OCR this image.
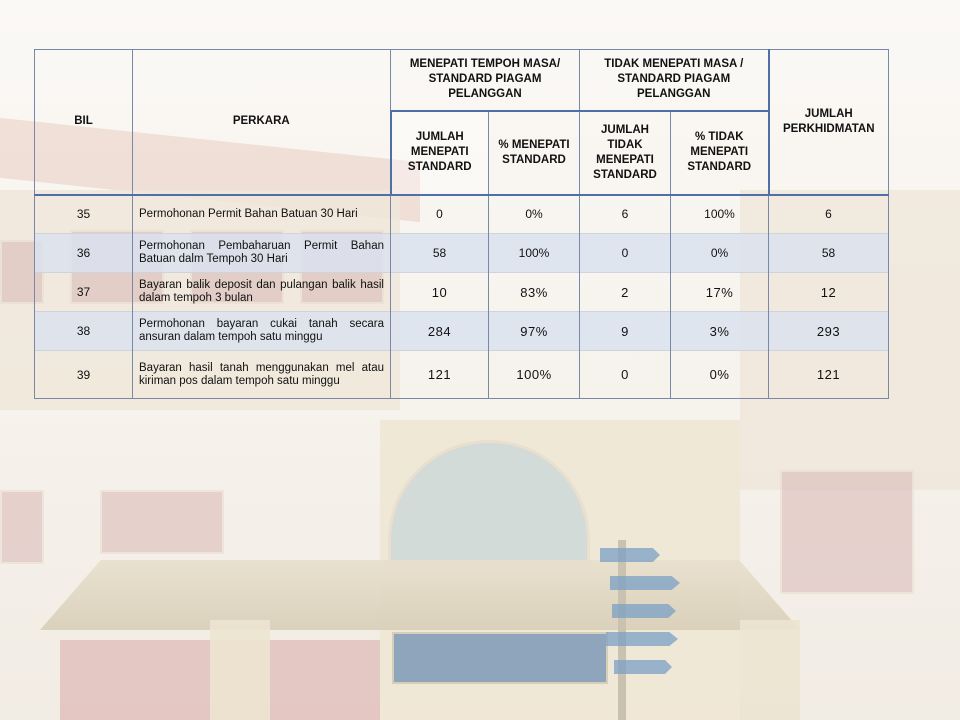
BIL	PERKARA	MENEPATI TEMPOH MASA/ STANDARD PIAGAM PELANGGAN		TIDAK MENEPATI MASA / STANDARD PIAGAM PELANGGAN		JUMLAH PERKHIDMATAN
		JUMLAH MENEPATI STANDARD	% MENEPATI STANDARD	JUMLAH TIDAK MENEPATI STANDARD	% TIDAK MENEPATI STANDARD	
35	Permohonan Permit Bahan Batuan 30 Hari	0	0%	6	100%	6
36	Permohonan Pembaharuan Permit Bahan Batuan dalm Tempoh 30 Hari	58	100%	0	0%	58
37	Bayaran balik deposit dan pulangan balik hasil dalam tempoh 3 bulan	10	83%	2	17%	12
38	Permohonan bayaran cukai tanah secara ansuran dalam tempoh satu minggu	284	97%	9	3%	293
39	Bayaran hasil tanah menggunakan mel atau kiriman pos dalam tempoh satu minggu	121	100%	0	0%	121
